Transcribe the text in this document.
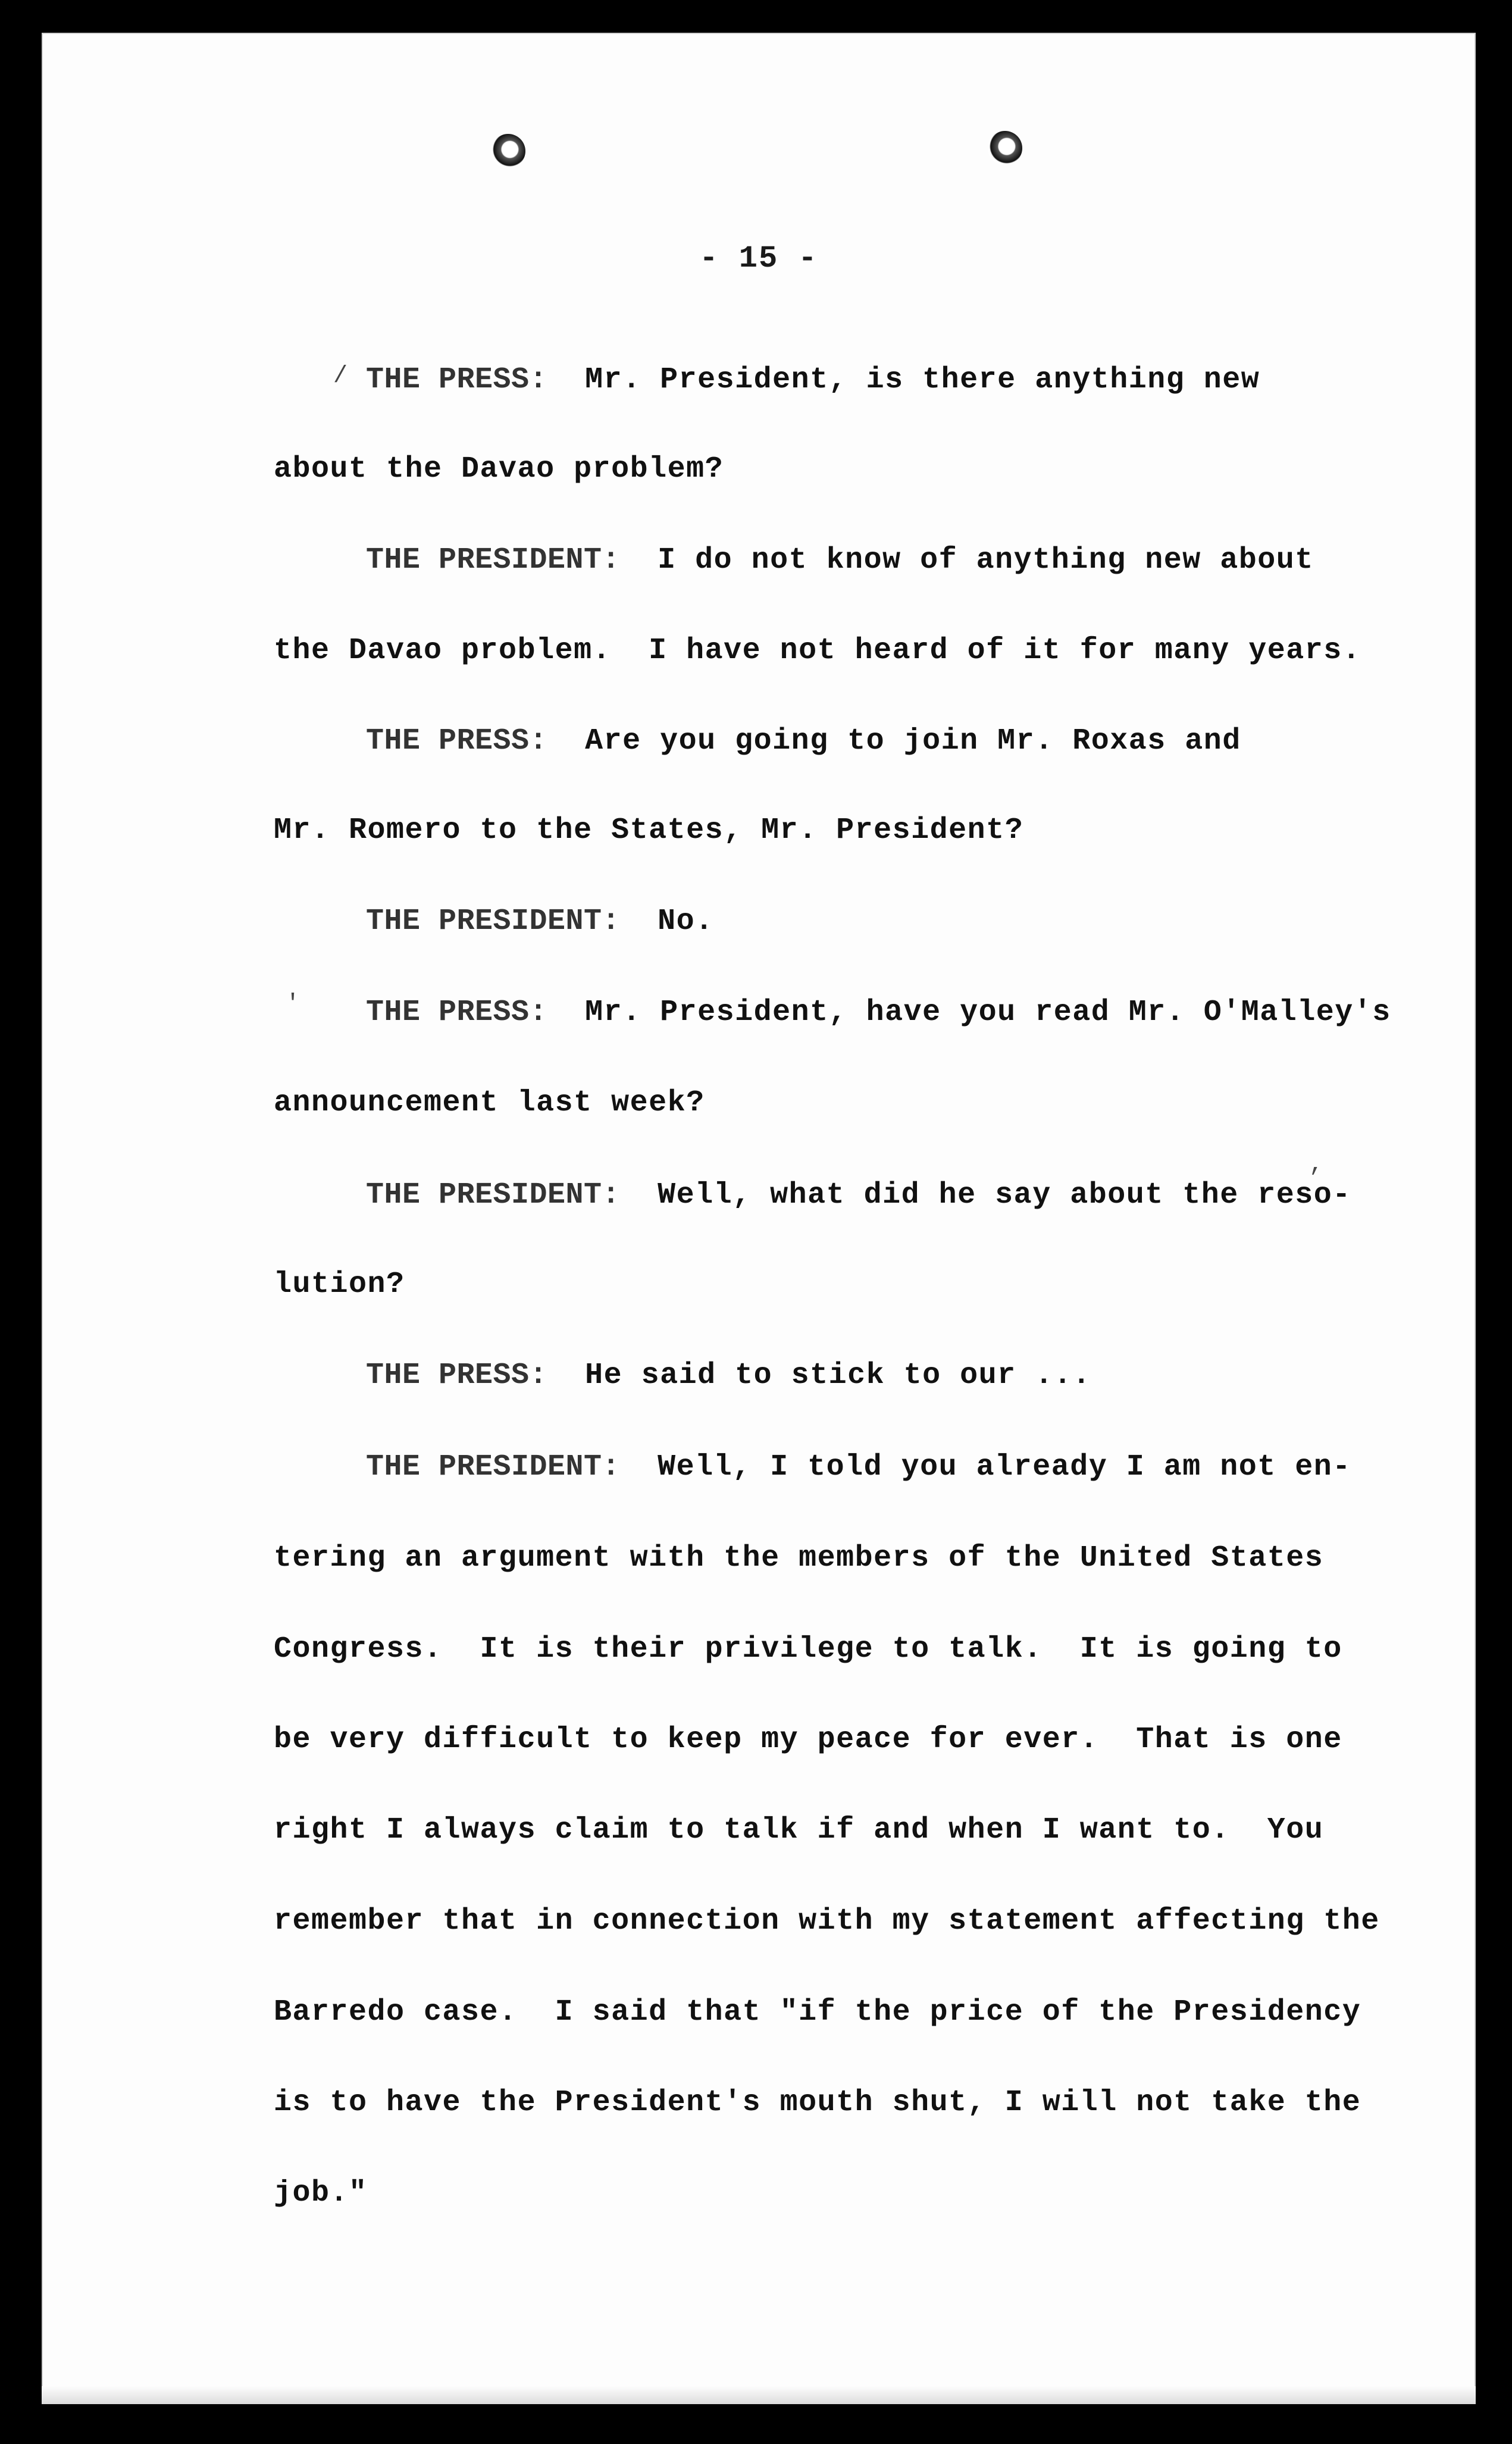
- 15 -
THE PRESS: Mr. President, is there anything new
about the Davao problem?
THE PRESIDENT: I do not know of anything new about
the Davao problem.  I have not heard of it for many years.
THE PRESS: Are you going to join Mr. Roxas and
Mr. Romero to the States, Mr. President?
THE PRESIDENT: No.
THE PRESS: Mr. President, have you read Mr. O'Malley's
announcement last week?
THE PRESIDENT: Well, what did he say about the reso-
lution?
THE PRESS: He said to stick to our ...
THE PRESIDENT: Well, I told you already I am not en-
tering an argument with the members of the United States
Congress.  It is their privilege to talk.  It is going to
be very difficult to keep my peace for ever.  That is one
right I always claim to talk if and when I want to.  You
remember that in connection with my statement affecting the
Barredo case.  I said that "if the price of the Presidency
is to have the President's mouth shut, I will not take the
job."
/
'
,
